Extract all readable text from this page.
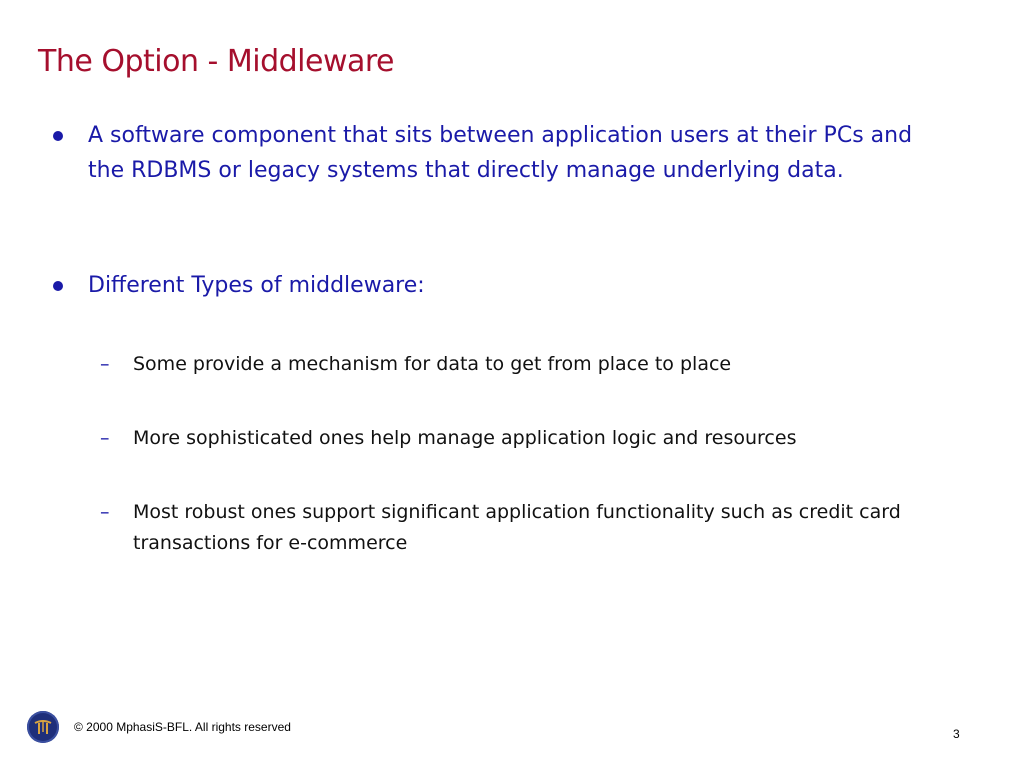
The Option - Middleware
A software component that sits between application users at their PCs and the RDBMS or legacy systems that directly manage underlying data.
Different Types of middleware:
–	Some provide a mechanism for data to get from place to place
–	More sophisticated ones help manage application logic and resources
–	Most robust ones support significant application functionality such as credit card transactions for e-commerce
© 2000 MphasiS-BFL. All rights reserved	3
